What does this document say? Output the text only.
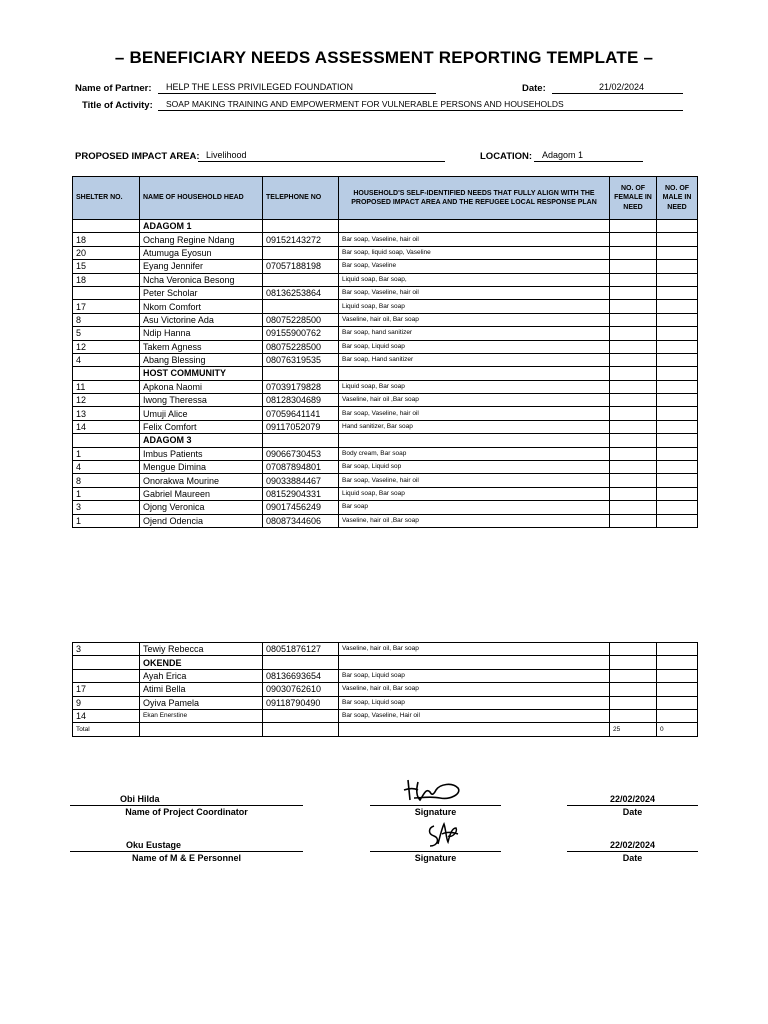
– BENEFICIARY NEEDS ASSESSMENT REPORTING TEMPLATE –
Name of Partner:	HELP THE LESS PRIVILEGED FOUNDATION	Date:	21/02/2024
Title of Activity:	SOAP MAKING TRAINING AND EMPOWERMENT FOR VULNERABLE PERSONS AND HOUSEHOLDS
PROPOSED IMPACT AREA: Livelihood	LOCATION:	Adagom 1
SHELTER NO.	NAME OF HOUSEHOLD HEAD	TELEPHONE NO	HOUSEHOLD'S SELF-IDENTIFIED NEEDS THAT FULLY ALIGN WITH THE PROPOSED IMPACT AREA AND THE REFUGEE LOCAL RESPONSE PLAN	NO. OF FEMALE IN NEED	NO. OF MALE IN NEED
	ADAGOM 1				
18	Ochang Regine Ndang	09152143272	Bar soap, Vaseline, hair oil		
20	Atumuga Eyosun		Bar soap, liquid soap, Vaseline		
15	Eyang Jennifer	07057188198	Bar soap, Vaseline		
18	Ncha Veronica Besong		Liquid soap, Bar soap,		
	Peter Scholar	08136253864	Bar soap, Vaseline, hair oil		
17	Nkom Comfort		Liquid soap, Bar soap		
8	Asu Victorine Ada	08075228500	Vaseline, hair oil, Bar soap		
5	Ndip Hanna	09155900762	Bar soap, hand sanitizer		
12	Takem Agness	08075228500	Bar soap, Liquid soap		
4	Abang Blessing	08076319535	Bar soap, Hand sanitizer		
	HOST COMMUNITY				
11	Apkona Naomi	07039179828	Liquid soap, Bar soap		
12	Iwong Theressa	08128304689	Vaseline, hair oil ,Bar soap		
13	Umuji Alice	07059641141	Bar soap, Vaseline, hair oil		
14	Felix Comfort	09117052079	Hand sanitizer, Bar soap		
	ADAGOM 3				
1	Imbus Patients	09066730453	Body cream, Bar soap		
4	Mengue Dimina	07087894801	Bar soap, Liquid sop		
8	Onorakwa Mourine	09033884467	Bar soap, Vaseline, hair oil		
1	Gabriel Maureen	08152904331	Liquid soap, Bar soap		
3	Ojong Veronica	09017456249	Bar soap		
1	Ojend Odencia	08087344606	Vaseline, hair oil ,Bar soap		
3	Tewiy Rebecca	08051876127	Vaseline, hair oil, Bar soap		
	OKENDE				
	Ayah Erica	08136693654	Bar soap, Liquid soap		
17	Atimi Bella	09030762610	Vaseline, hair oil, Bar soap		
9	Oyiva Pamela	09118790490	Bar soap, Liquid soap		
14	Ekan Enerstine		Bar soap, Vaseline, Hair oil		
Total				25	0
Obi Hilda
Name of Project Coordinator	Signature
22/02/2024
Date
Oku Eustage
Name of M & E Personnel	Signature
22/02/2024
Date
